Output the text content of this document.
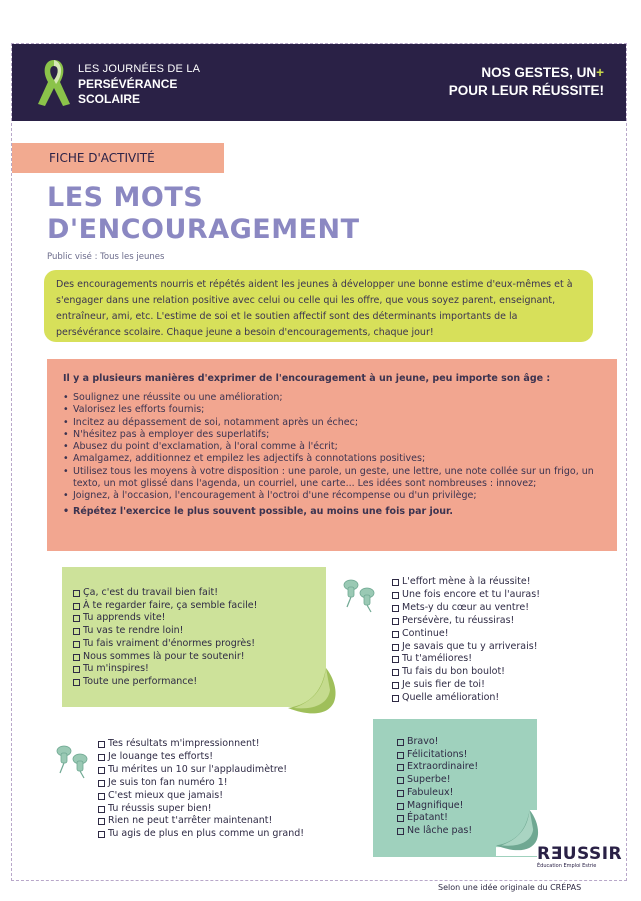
LES JOURNÉES DE LA
PERSÉVÉRANCE
SCOLAIRE
NOS GESTES, UN+
POUR LEUR RÉUSSITE!
FICHE D'ACTIVITÉ
LES MOTS
D'ENCOURAGEMENT
Public visé : Tous les jeunes
Des encouragements nourris et répétés aident les jeunes à développer une bonne estime d'eux-mêmes et à s'engager dans une relation positive avec celui ou celle qui les offre, que vous soyez parent, enseignant, entraîneur, ami, etc. L'estime de soi et le soutien affectif sont des déterminants importants de la persévérance scolaire. Chaque jeune a besoin d'encouragements, chaque jour!

Il y a plusieurs manières d'exprimer de l'encouragement à un jeune, peu importe son âge :

• Soulignez une réussite ou une amélioration;
• Valorisez les efforts fournis;
• Incitez au dépassement de soi, notamment après un échec;
• N'hésitez pas à employer des superlatifs;
• Abusez du point d'exclamation, à l'oral comme à l'écrit;
• Amalgamez, additionnez et empilez les adjectifs à connotations positives;
• Utilisez tous les moyens à votre disposition : une parole, un geste, une lettre, une note collée sur un frigo, un texto, un mot glissé dans l'agenda, un courriel, une carte... Les idées sont nombreuses : innovez;
• Joignez, à l'occasion, l'encouragement à l'octroi d'une récompense ou d'un privilège;
• Répétez l'exercice le plus souvent possible, au moins une fois par jour.
Ça, c'est du travail bien fait!
À te regarder faire, ça semble facile!
Tu apprends vite!
Tu vas te rendre loin!
Tu fais vraiment d'énormes progrès!
Nous sommes là pour te soutenir!
Tu m'inspires!
Toute une performance!
L'effort mène à la réussite!
Une fois encore et tu l'auras!
Mets-y du cœur au ventre!
Persévère, tu réussiras!
Continue!
Je savais que tu y arriverais!
Tu t'améliores!
Tu fais du bon boulot!
Je suis fier de toi!
Quelle amélioration!
Tes résultats m'impressionnent!
Je louange tes efforts!
Tu mérites un 10 sur l'applaudimètre!
Je suis ton fan numéro 1!
C'est mieux que jamais!
Tu réussis super bien!
Rien ne peut t'arrêter maintenant!
Tu agis de plus en plus comme un grand!
Bravo!
Félicitations!
Extraordinaire!
Superbe!
Fabuleux!
Magnifique!
Épatant!
Ne lâche pas!
RƎUSSIR
Éducation Emploi Estrie
Selon une idée originale du CRÉPAS
